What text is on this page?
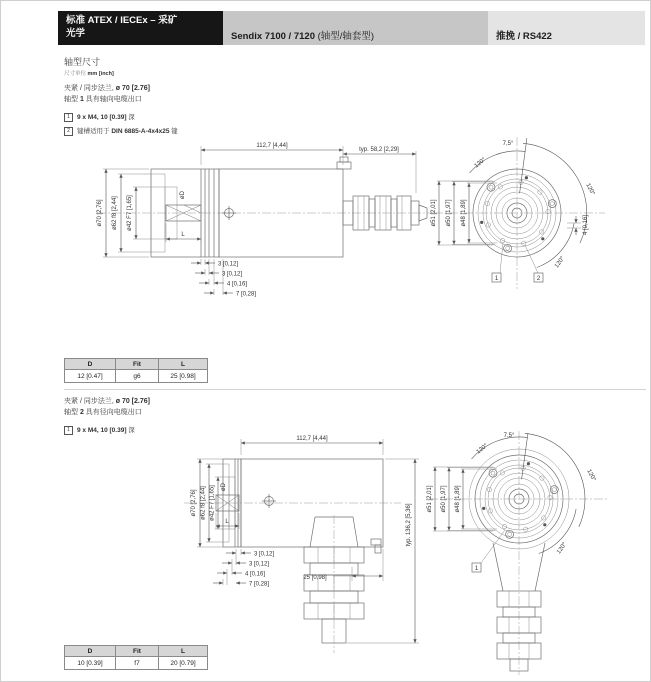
标准 ATEX / IECEx – 采矿
光学	Sendix 7100 / 7120 (轴型/轴套型)	推挽 / RS422
轴型尺寸
尺寸单位 mm [inch]
夹紧 / 同步法兰, ø 70 [2.76]
轴型 1 具有轴向电缆出口
1 9 x M4, 10 [0.39] 深
2 键槽适用于 DIN 6885-A-4x4x25 键
ø70 [2,76] ø62 f8 [2,44] ø42 F7 [1,65]
øD
L
112,7 [4,44]
typ. 58,2 [2,29]
3 [0,12]
3 [0,12]
4 [0,16]
7 [0,28]
ø51 [2,01] ø50 [1,97] ø48 [1,89]
7,5°
120°
120°
120°
4 [0,16]
1	2
D	Fit	L
12 [0.47]	g6	25 [0.98]
夹紧 / 同步法兰, ø 70 [2.76]
轴型 2 具有径向电缆出口
1 9 x M4, 10 [0.39] 深
ø70 [2,76] ø62 f8 [2,44] ø42 F7 [1,65] øD
L
112,7 [4,44]
typ. 136,2 [5,36]
25 [0,98]
3 [0,12]
3 [0,12]
4 [0,16]
7 [0,28]
ø51 [2,01] ø50 [1,97] ø48 [1,89]
7,5°
120°
120°
120°
1
D	Fit	L
10 [0.39]	f7	20 [0.79]
